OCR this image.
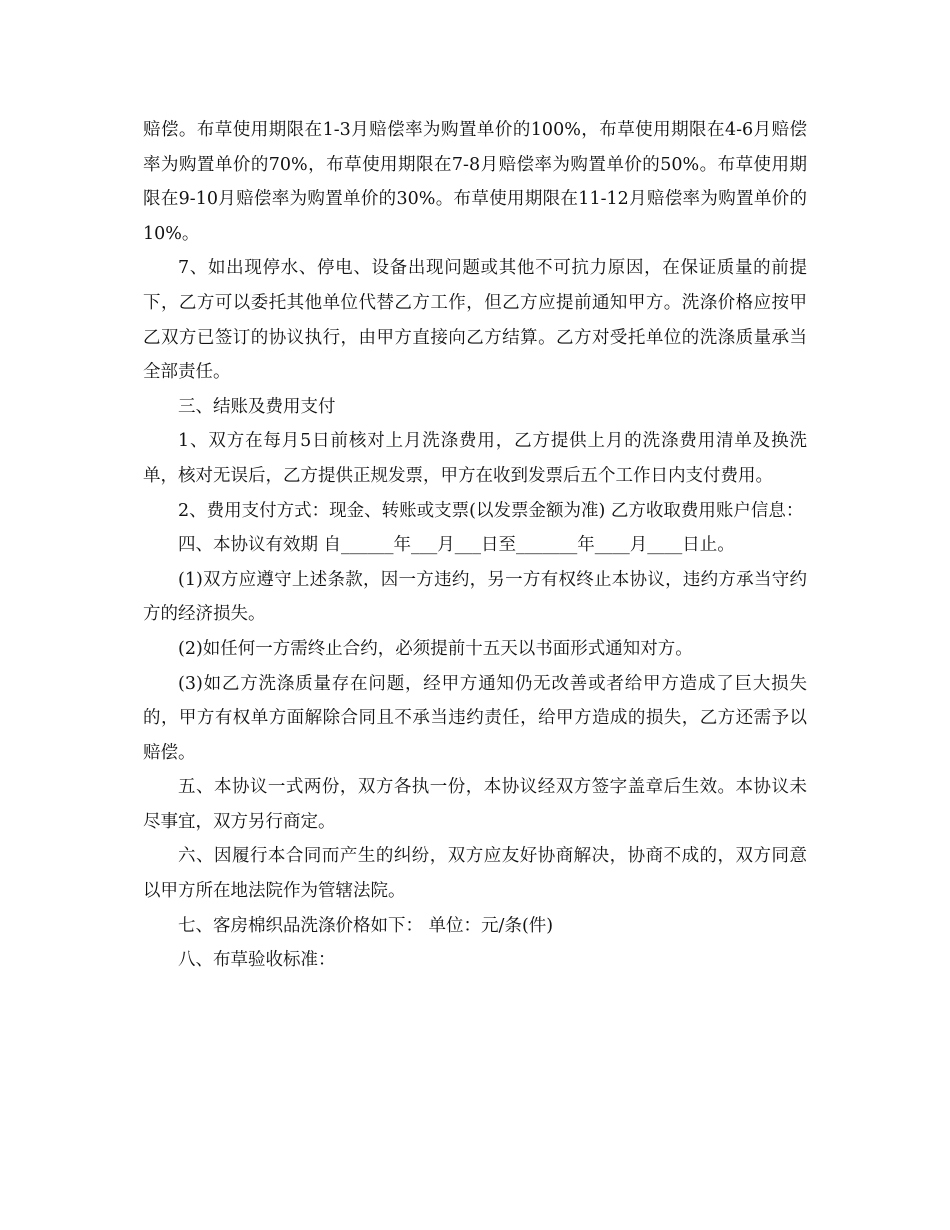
赔偿。布草使用期限在1-3月赔偿率为购置单价的100%，布草使用期限在4-6月赔偿率为购置单价的70%，布草使用期限在7-8月赔偿率为购置单价的50%。布草使用期限在9-10月赔偿率为购置单价的30%。布草使用期限在11-12月赔偿率为购置单价的10%。

7、如出现停水、停电、设备出现问题或其他不可抗力原因，在保证质量的前提下，乙方可以委托其他单位代替乙方工作，但乙方应提前通知甲方。洗涤价格应按甲乙双方已签订的协议执行，由甲方直接向乙方结算。乙方对受托单位的洗涤质量承当全部责任。

三、结账及费用支付

1、双方在每月5日前核对上月洗涤费用，乙方提供上月的洗涤费用清单及换洗单，核对无误后，乙方提供正规发票，甲方在收到发票后五个工作日内支付费用。

2、费用支付方式：现金、转账或支票(以发票金额为准) 乙方收取费用账户信息：

四、本协议有效期 自______年___月___日至_______年____月____日止。

(1)双方应遵守上述条款，因一方违约，另一方有权终止本协议，违约方承当守约方的经济损失。

(2)如任何一方需终止合约，必须提前十五天以书面形式通知对方。

(3)如乙方洗涤质量存在问题，经甲方通知仍无改善或者给甲方造成了巨大损失的，甲方有权单方面解除合同且不承当违约责任，给甲方造成的损失，乙方还需予以赔偿。

五、本协议一式两份，双方各执一份，本协议经双方签字盖章后生效。本协议未尽事宜，双方另行商定。

六、因履行本合同而产生的纠纷，双方应友好协商解决，协商不成的，双方同意以甲方所在地法院作为管辖法院。

七、客房棉织品洗涤价格如下： 单位：元/条(件)

八、布草验收标准：
